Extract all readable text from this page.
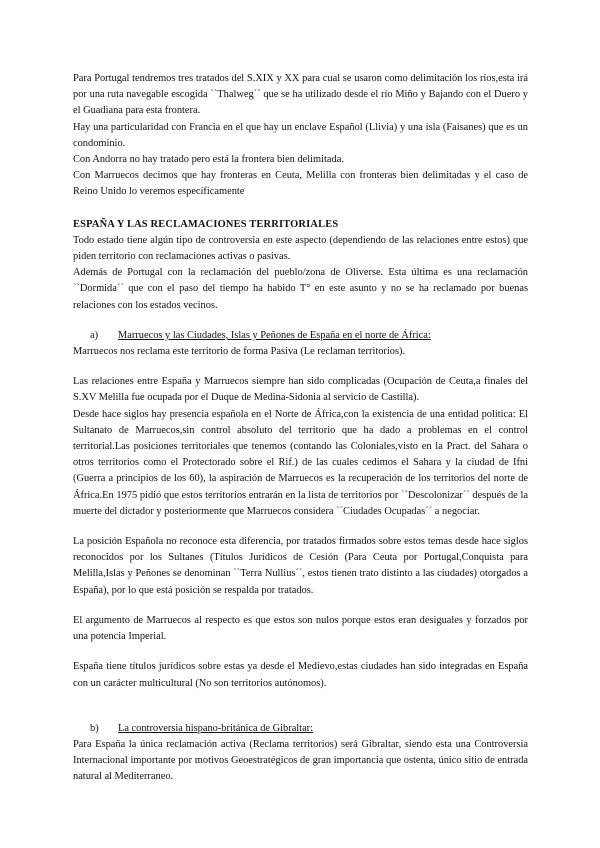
Para Portugal tendremos tres tratados del S.XIX y XX para cual se usaron como delimitación los ríos,esta irá por una ruta navegable escogida ``Thalweg´´ que se ha utilizado desde el río Miño y Bajando con el Duero y el Guadiana para esta frontera.

Hay una particularidad con Francia en el que hay un enclave Español (Llivia) y una isla (Faisanes) que es un condominio.

Con Andorra no hay tratado pero está la frontera bien delimitada.

Con Marruecos decimos que hay fronteras en Ceuta, Melilla con fronteras bien delimitadas y el caso de Reino Unido lo veremos específicamente

ESPAÑA Y LAS RECLAMACIONES TERRITORIALES

Todo estado tiene algún tipo de controversia en este aspecto (dependiendo de las relaciones entre estos) que piden territorio con reclamaciones activas o pasivas.

Además de Portugal con la reclamación del pueblo/zona de Oliverse. Esta última es una reclamación ``Dormida´´ que con el paso del tiempo ha habido T° en este asunto y no se ha reclamado por buenas relaciones con los estados vecinos.

a)	Marruecos y las Ciudades, Islas y Peñones de España en el norte de África:

Marruecos nos reclama este territorio de forma Pasiva (Le reclaman territorios).

Las relaciones entre España y Marruecos siempre han sido complicadas (Ocupación de Ceuta,a finales del S.XV Melilla fue ocupada por el Duque de Medina-Sidonia al servicio de Castilla).

Desde hace siglos hay presencia española en el Norte de África,con la existencia de una entidad política: El Sultanato de Marruecos,sin control absoluto del territorio que ha dado a problemas en el control territorial.Las posiciones territoriales que tenemos (contando las Coloniales,visto en la Pract. del Sahara o otros territorios como el Protectorado sobre el Rif.) de las cuales cedimos el Sahara y la ciudad de Ifni (Guerra a principios de los 60), la aspiración de Marruecos es la recuperación de los territorios del norte de África.En 1975 pidió que estos territorios entrarán en la lista de territorios por ``Descolonizar´´ después de la muerte del dictador y posteriormente que Marruecos considera ``Ciudades Ocupadas´´ a negociar.

La posición Española no reconoce esta diferencia, por tratados firmados sobre estos temas desde hace siglos reconocidos por los Sultanes (Títulos Jurídicos de Cesión (Para Ceuta por Portugal,Conquista para Melilla,Islas y Peñones se denominan ``Terra Nullius´´, estos tienen trato distinto a las ciudades) otorgados a España), por lo que está posición se respalda por tratados.

El argumento de Marruecos al respecto es que estos son nulos porque estos eran desiguales y forzados por una potencia Imperial.

España tiene títulos jurídicos sobre estas ya desde el Medievo,estas ciudades han sido integradas en España con un carácter multicultural (No son territorios autónomos).

b)	La controversia hispano-británica de Gibraltar:

Para España la única reclamación activa (Reclama territorios) será Gibraltar, siendo esta una Controversia Internacional importante por motivos Geoestratégicos de gran importancia que ostenta, único sitio de entrada natural al Mediterraneo.
